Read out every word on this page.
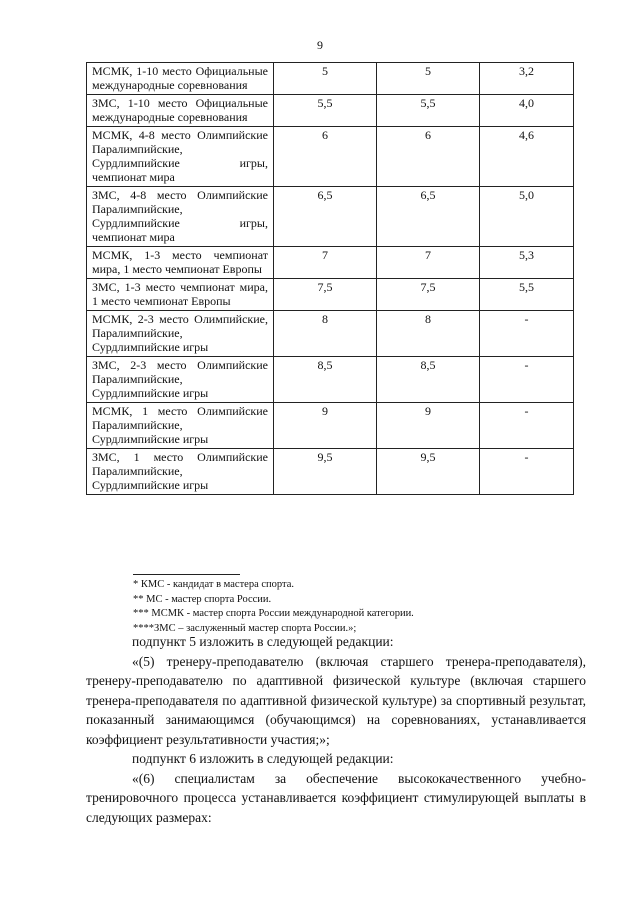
9
МСМК, 1-10 место Официальные международные соревнования	5	5	3,2
ЗМС, 1-10 место Официальные международные соревнования	5,5	5,5	4,0
МСМК, 4-8 место Олимпийские Паралимпийские, Сурдлимпийские игры, чемпионат мира	6	6	4,6
ЗМС, 4-8 место Олимпийские Паралимпийские, Сурдлимпийские игры, чемпионат мира	6,5	6,5	5,0
МСМК, 1-3 место чемпионат мира, 1 место чемпионат Европы	7	7	5,3
ЗМС, 1-3 место чемпионат мира, 1 место чемпионат Европы	7,5	7,5	5,5
МСМК, 2-3 место Олимпийские, Паралимпийские, Сурдлимпийские игры	8	8	-
ЗМС, 2-3 место Олимпийские Паралимпийские, Сурдлимпийские игры	8,5	8,5	-
МСМК, 1 место Олимпийские Паралимпийские, Сурдлимпийские игры	9	9	-
ЗМС, 1 место Олимпийские Паралимпийские, Сурдлимпийские игры	9,5	9,5	-
* КМС - кандидат в мастера спорта.
** МС - мастер спорта России.
*** МСМК - мастер спорта России международной категории.
****ЗМС – заслуженный мастер спорта России.»;

подпункт 5 изложить в следующей редакции:

«(5) тренеру-преподавателю (включая старшего тренера-преподавателя), тренеру-преподавателю по адаптивной физической культуре (включая старшего тренера-преподавателя по адаптивной физической культуре) за спортивный результат, показанный занимающимся (обучающимся) на соревнованиях, устанавливается коэффициент результативности участия;»;

подпункт 6 изложить в следующей редакции:

«(6) специалистам за обеспечение высококачественного учебно-тренировочного процесса устанавливается коэффициент стимулирующей выплаты в следующих размерах:
